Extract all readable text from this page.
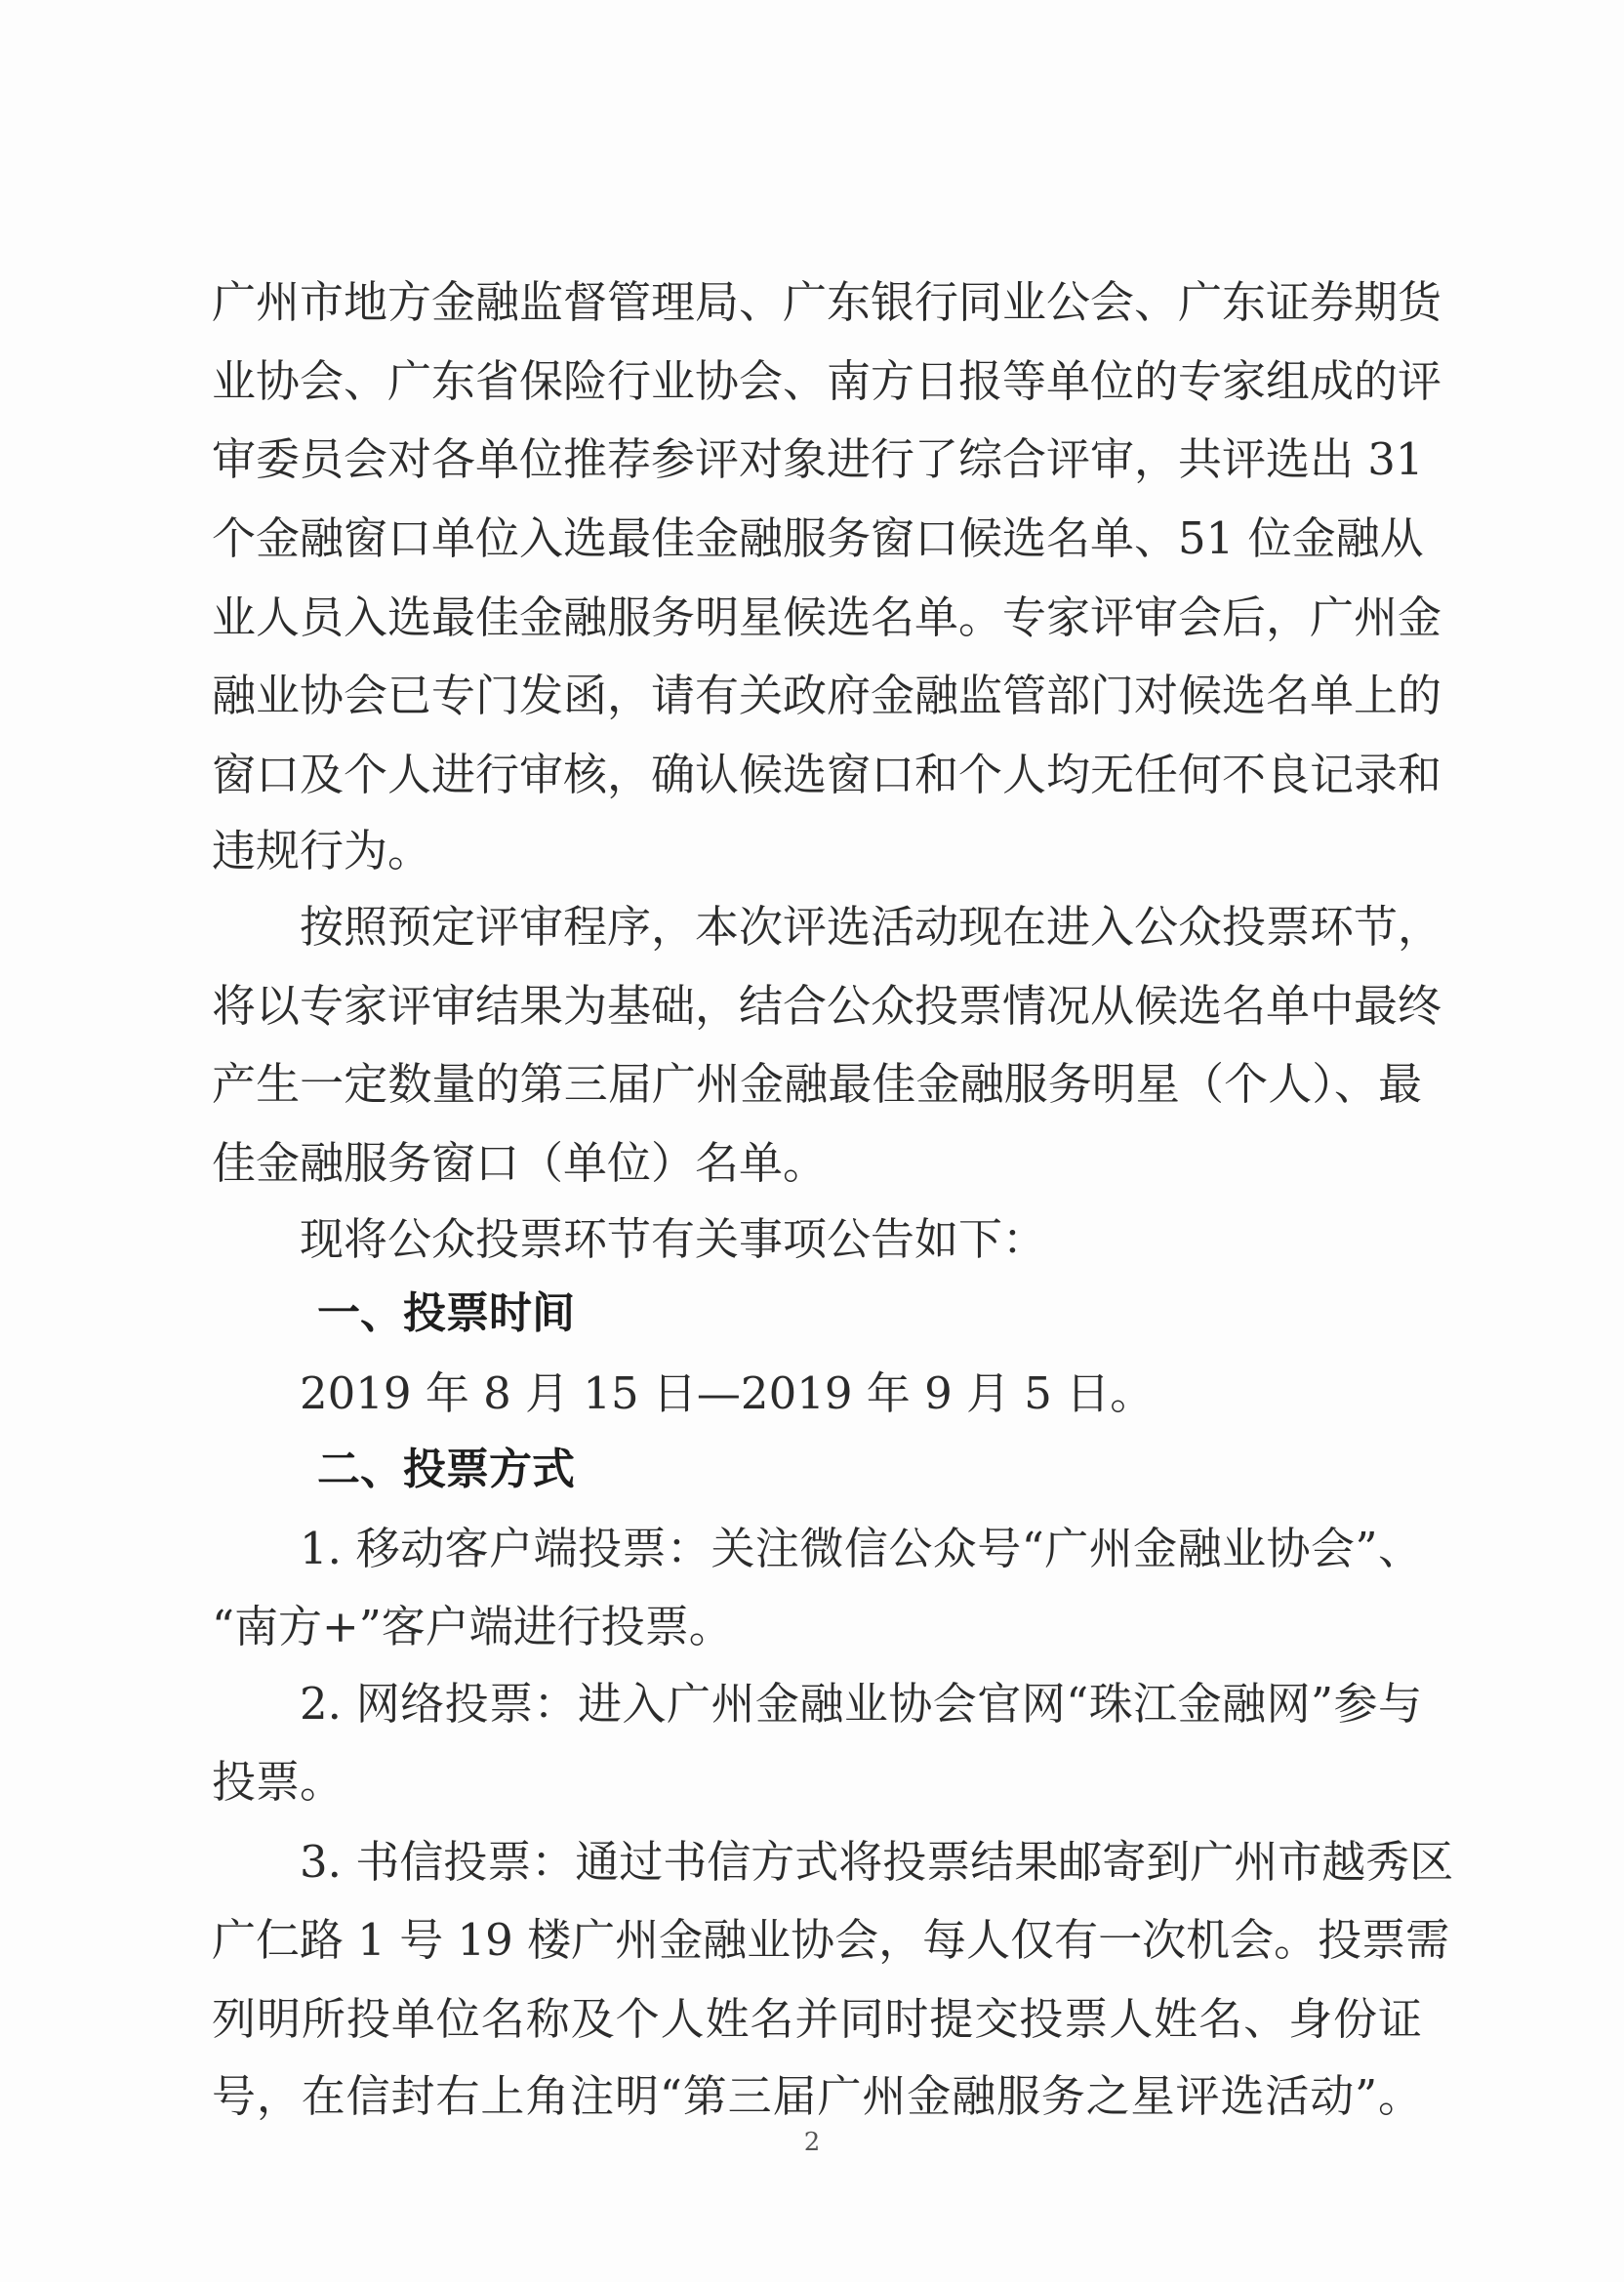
广州市地方金融监督管理局、广东银行同业公会、广东证券期货
业协会、广东省保险行业协会、南方日报等单位的专家组成的评
审委员会对各单位推荐参评对象进行了综合评审，共评选出 31
个金融窗口单位入选最佳金融服务窗口候选名单、51 位金融从
业人员入选最佳金融服务明星候选名单。专家评审会后，广州金
融业协会已专门发函，请有关政府金融监管部门对候选名单上的
窗口及个人进行审核，确认候选窗口和个人均无任何不良记录和
违规行为。
按照预定评审程序，本次评选活动现在进入公众投票环节，
将以专家评审结果为基础，结合公众投票情况从候选名单中最终
产生一定数量的第三届广州金融最佳金融服务明星（个人）、最
佳金融服务窗口（单位）名单。
现将公众投票环节有关事项公告如下：
一、投票时间
2019 年 8 月 15 日—2019 年 9 月 5 日。
二、投票方式
1. 移动客户端投票：关注微信公众号“广州金融业协会”、
“南方+”客户端进行投票。
2. 网络投票：进入广州金融业协会官网“珠江金融网”参与
投票。
3. 书信投票：通过书信方式将投票结果邮寄到广州市越秀区
广仁路 1 号 19 楼广州金融业协会，每人仅有一次机会。投票需
列明所投单位名称及个人姓名并同时提交投票人姓名、身份证
号，在信封右上角注明“第三届广州金融服务之星评选活动”。
2
